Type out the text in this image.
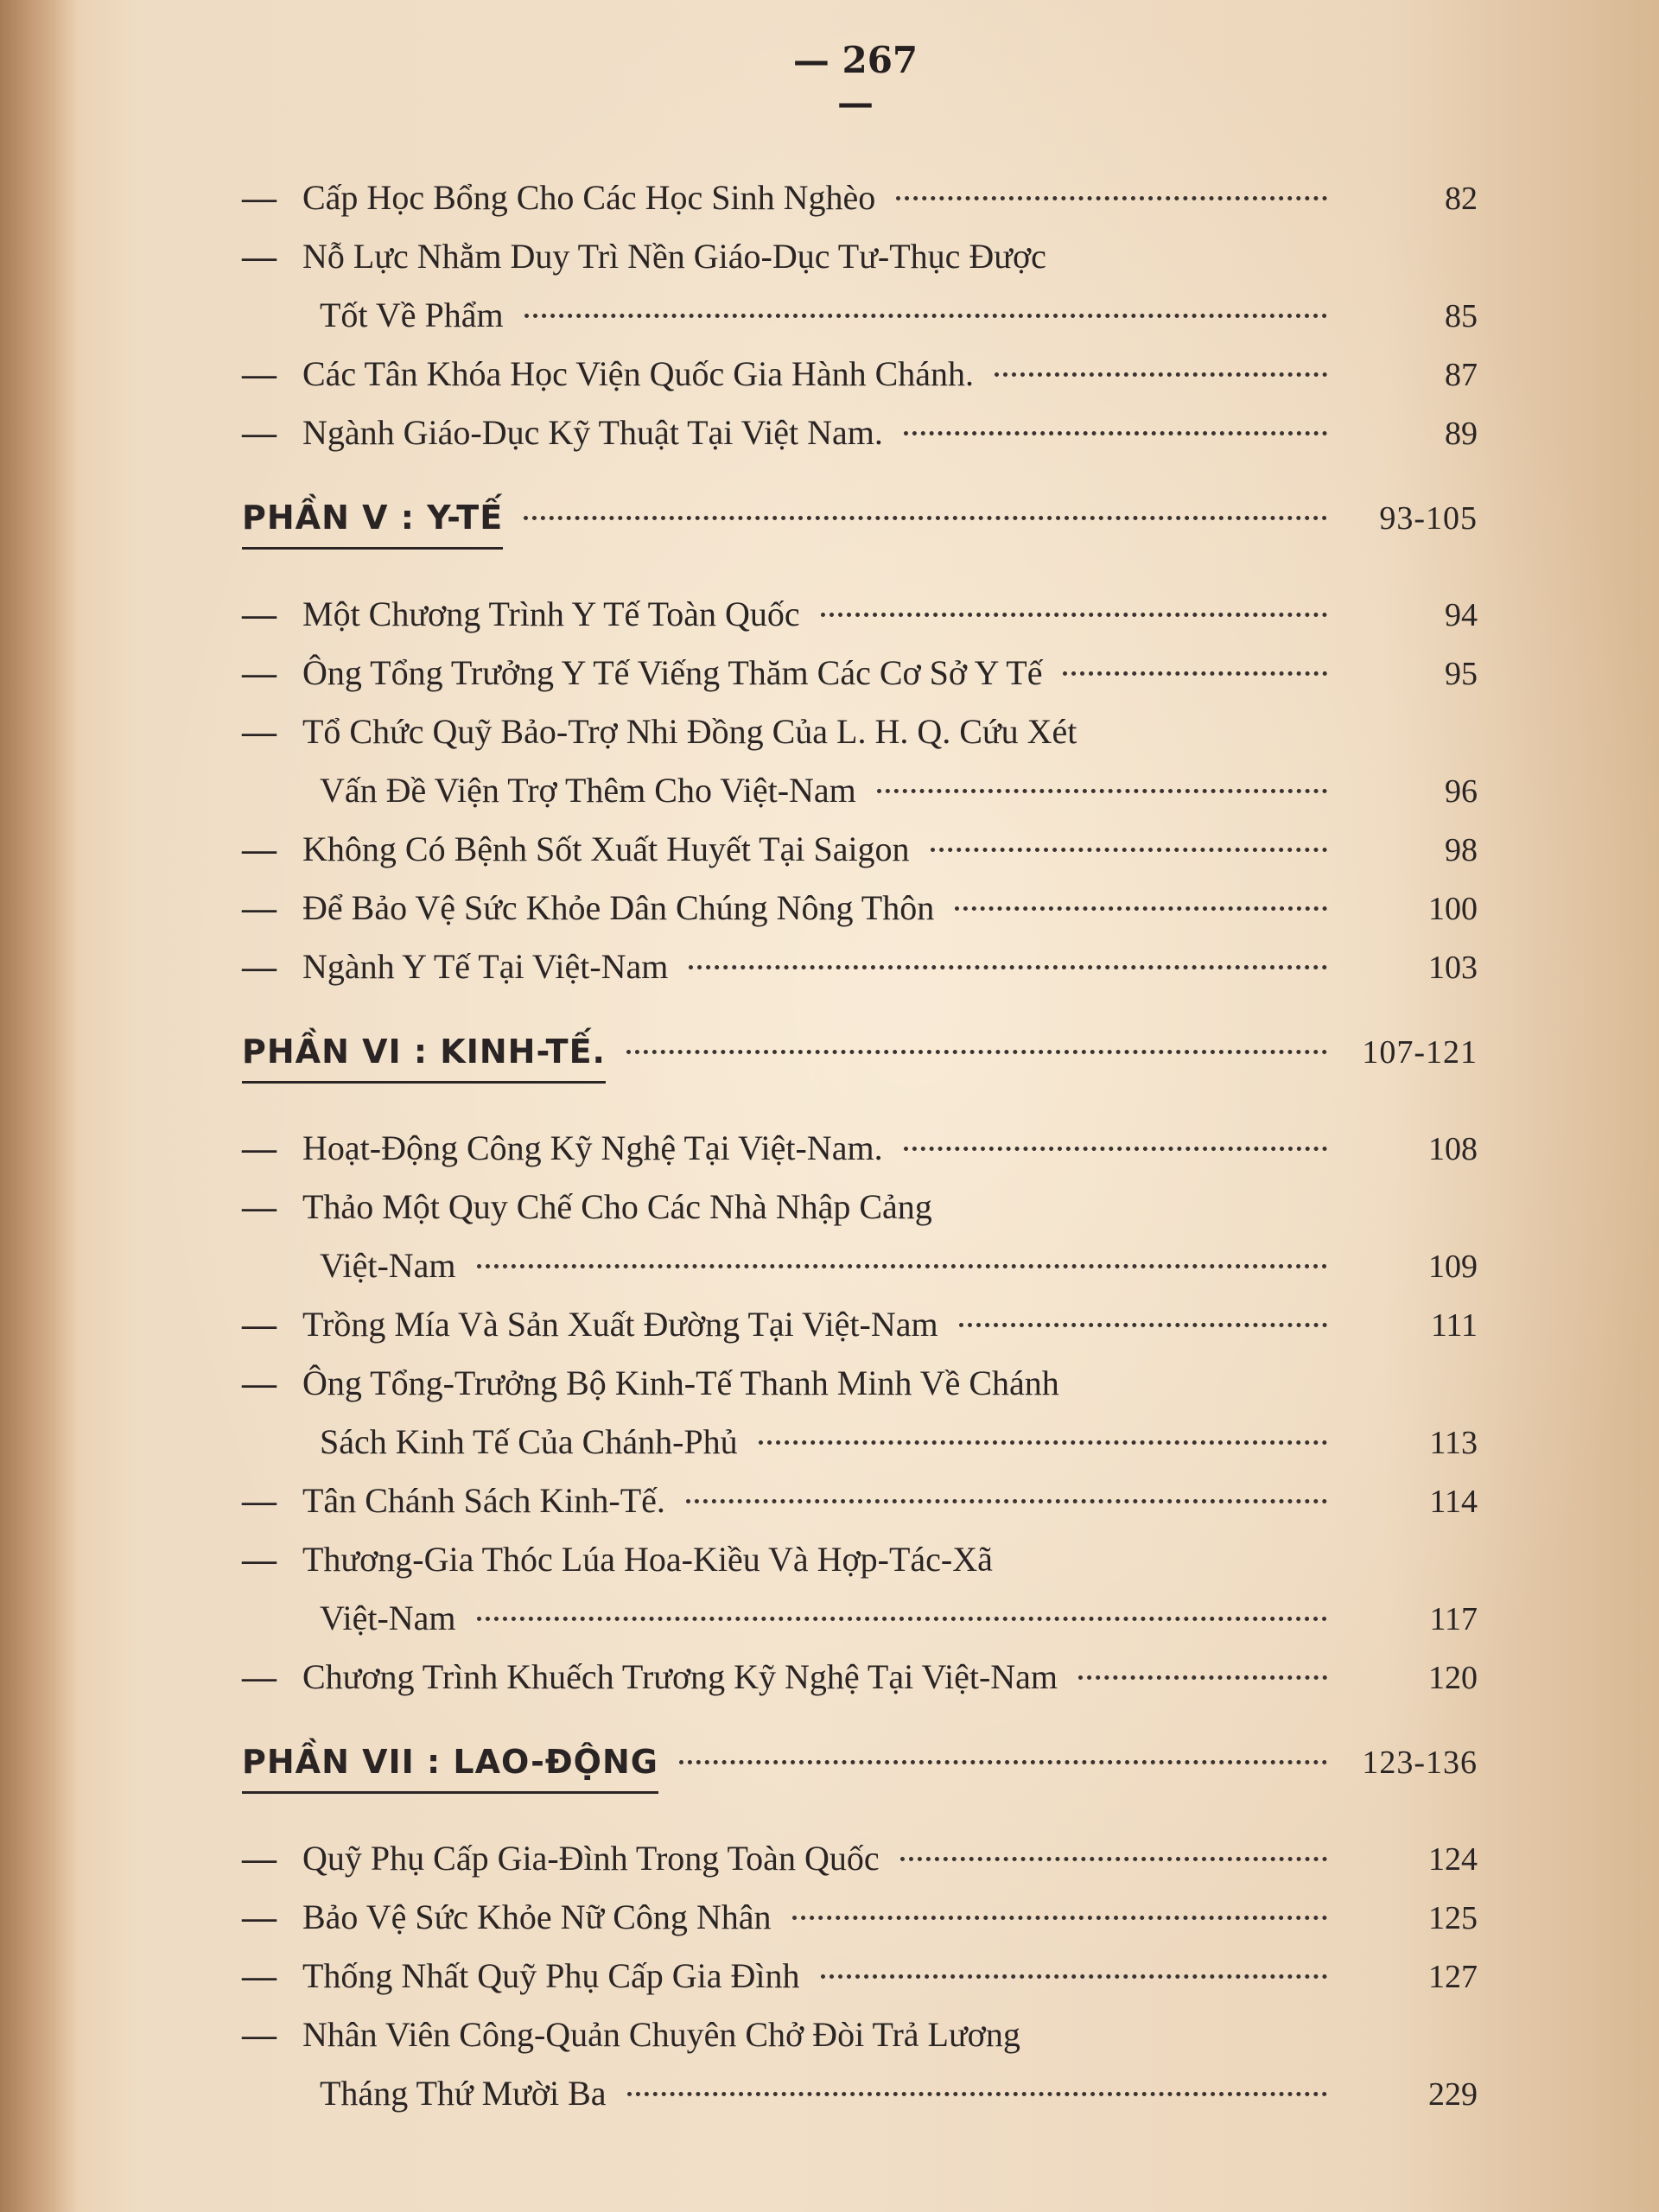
— 267 —
— Cấp Học Bổng Cho Các Học Sinh Nghèo	82
— Nỗ Lực Nhằm Duy Trì Nền Giáo-Dục Tư-Thục Được
Tốt Về Phẩm	85
— Các Tân Khóa Học Viện Quốc Gia Hành Chánh.	87
— Ngành Giáo-Dục Kỹ Thuật Tại Việt Nam.	89
PHẦN V : Y-TẾ	93-105
— Một Chương Trình Y Tế Toàn Quốc	94
— Ông Tổng Trưởng Y Tế Viếng Thăm Các Cơ Sở Y Tế	95
— Tổ Chức Quỹ Bảo-Trợ Nhi Đồng Của L. H. Q. Cứu Xét
Vấn Đề Viện Trợ Thêm Cho Việt-Nam	96
— Không Có Bệnh Sốt Xuất Huyết Tại Saigon	98
— Để Bảo Vệ Sức Khỏe Dân Chúng Nông Thôn	100
— Ngành Y Tế Tại Việt-Nam	103
PHẦN VI : KINH-TẾ.	107-121
— Hoạt-Động Công Kỹ Nghệ Tại Việt-Nam.	108
— Thảo Một Quy Chế Cho Các Nhà Nhập Cảng
Việt-Nam	109
— Trồng Mía Và Sản Xuất Đường Tại Việt-Nam	111
— Ông Tổng-Trưởng Bộ Kinh-Tế Thanh Minh Về Chánh
Sách Kinh Tế Của Chánh-Phủ	113
— Tân Chánh Sách Kinh-Tế.	114
— Thương-Gia Thóc Lúa Hoa-Kiều Và Hợp-Tác-Xã
Việt-Nam	117
— Chương Trình Khuếch Trương Kỹ Nghệ Tại Việt-Nam	120
PHẦN VII : LAO-ĐỘNG	123-136
— Quỹ Phụ Cấp Gia-Đình Trong Toàn Quốc	124
— Bảo Vệ Sức Khỏe Nữ Công Nhân	125
— Thống Nhất Quỹ Phụ Cấp Gia Đình	127
— Nhân Viên Công-Quản Chuyên Chở Đòi Trả Lương
Tháng Thứ Mười Ba	229
